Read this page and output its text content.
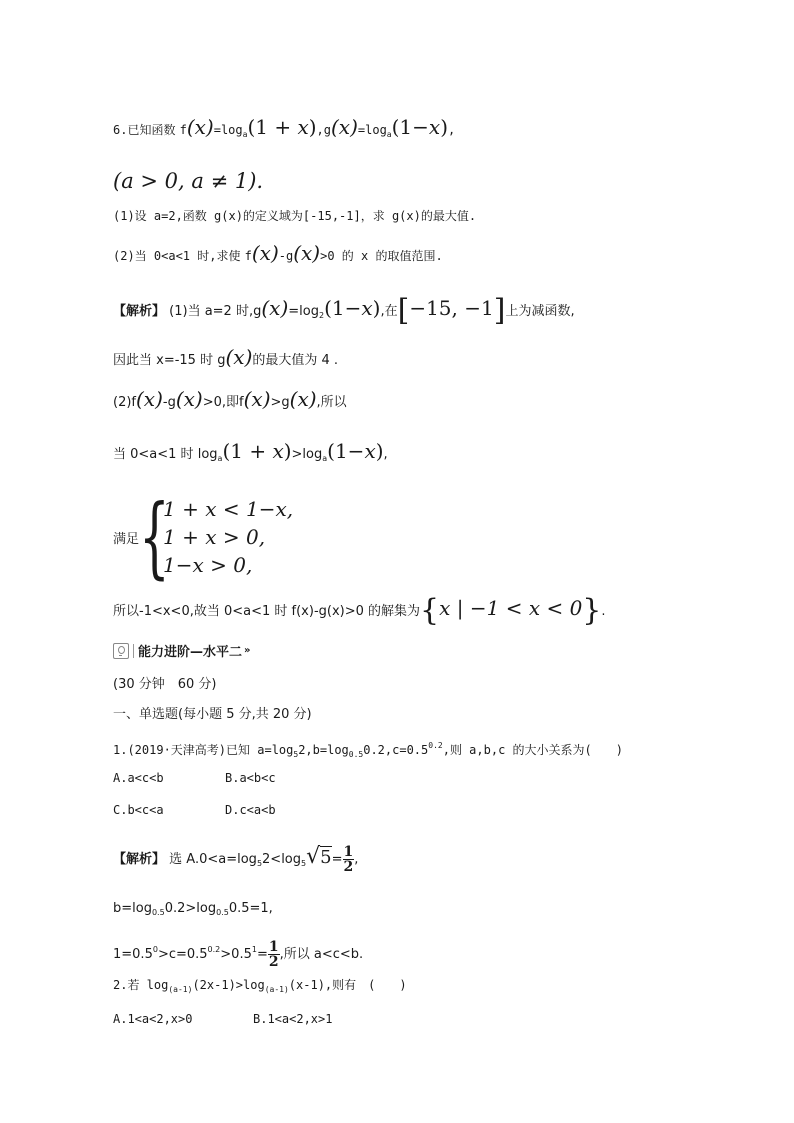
6.已知函数 $f(x)=\log_a(1 + x),g(x)=\log_a(1-x)$,
(a > 0, a ≠ 1).
(1)设 a=2,函数 g(x)的定义域为[-15,-1]，求 g(x)的最大值.
(2)当 0<a<1 时,求使 f(x)-g(x)>0 的 x 的取值范围.
【解析】 (1)当 a=2 时$,g(x)=\log_2(1-x)$,在[−15, −1]上为减函数,
因此当 x=-15 时 g(x)的最大值为 4 .
(2)f(x)-g(x)>0,即f(x)>g(x),所以
当 0<a<1 时 $\log_a(1 + x)>\log_a(1-x)$,
满足 {
1 + x < 1−x,
1 + x > 0,
1−x > 0,
所以-1<x<0,故当 0<a<1 时 f(x)-g(x)>0 的解集为{x | −1 < x < 0}.
能力进阶—水平二 »
(30 分钟　60 分)
一、单选题(每小题 5 分,共 20 分)
1.(2019·天津高考)已知 $a=\log_52,b=\log_{0.5}0.2,c=0.5^{0.2}$,则 a,b,c 的大小关系为(　　)
A.a<c<b	B.a<b<c
C.b<c<a	D.c<a<b
【解析】 选 $A.0<a=\log_52<\log_5√5= \frac{1}{2}$ ,
$b=\log_{0.5}0.2>\log_{0.5}0.5=1$,
$1=0.5^0>c=0.5^{0.2}>0.5^1= \frac{1}{2}$ ,所以 a<c<b.
2.若 $\log_{(a-1)}(2x-1)>\log_{(a-1)}(x-1)$,则有　(　　)
A.1<a<2,x>0	B.1<a<2,x>1
